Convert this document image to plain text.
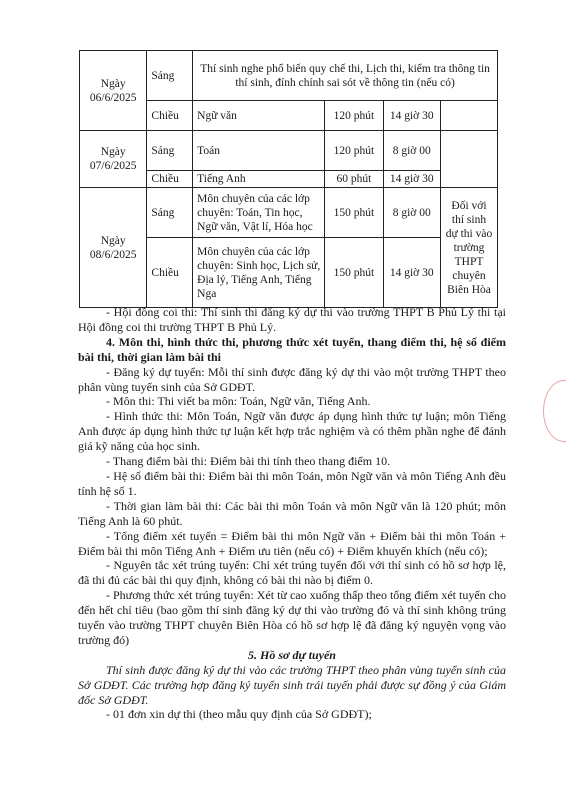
Ngày 06/6/2025	Sáng	Thí sinh nghe phổ biến quy chế thi, Lịch thi, kiểm tra thông tin thí sinh, đính chính sai sót về thông tin (nếu có)			
	Chiều	Ngữ văn	120 phút	14 giờ 30	
Ngày 07/6/2025	Sáng	Toán	120 phút	8 giờ 00	
	Chiều	Tiếng Anh	60 phút	14 giờ 30	
Ngày 08/6/2025	Sáng	Môn chuyên của các lớp chuyên: Toán, Tin học, Ngữ văn, Vật lí, Hóa học	150 phút	8 giờ 00	Đối với thí sinh dự thi vào trường THPT chuyên Biên Hòa
	Chiều	Môn chuyên của các lớp chuyên: Sinh học, Lịch sử, Địa lý, Tiếng Anh, Tiếng Nga	150 phút	14 giờ 30	

- Hội đồng coi thi: Thí sinh thi đăng ký dự thi vào trường THPT B Phủ Lý thi tại Hội đồng coi thi trường THPT B Phủ Lý.

4. Môn thi, hình thức thi, phương thức xét tuyển, thang điểm thi, hệ số điểm bài thi, thời gian làm bài thi

- Đăng ký dự tuyển: Mỗi thí sinh được đăng ký dự thi vào một trường THPT theo phân vùng tuyển sinh của Sở GDĐT.

- Môn thi: Thi viết ba môn: Toán, Ngữ văn, Tiếng Anh.

- Hình thức thi: Môn Toán, Ngữ văn được áp dụng hình thức tự luận; môn Tiếng Anh được áp dụng hình thức tự luận kết hợp trắc nghiệm và có thêm phần nghe để đánh giá kỹ năng của học sinh.

- Thang điểm bài thi: Điểm bài thi tính theo thang điểm 10.

- Hệ số điểm bài thi: Điểm bài thi môn Toán, môn Ngữ văn và môn Tiếng Anh đều tính hệ số 1.

- Thời gian làm bài thi: Các bài thi môn Toán và môn Ngữ văn là 120 phút; môn Tiếng Anh là 60 phút.

- Tổng điểm xét tuyển = Điểm bài thi môn Ngữ văn + Điểm bài thi môn Toán + Điểm bài thi môn Tiếng Anh + Điểm ưu tiên (nếu có) + Điểm khuyến khích (nếu có);

- Nguyên tắc xét trúng tuyển: Chỉ xét trúng tuyển đối với thí sinh có hồ sơ hợp lệ, đã thi đủ các bài thi quy định, không có bài thi nào bị điểm 0.

- Phương thức xét trúng tuyển: Xét từ cao xuống thấp theo tổng điểm xét tuyển cho đến hết chỉ tiêu (bao gồm thí sinh đăng ký dự thi vào trường đó và thí sinh không trúng tuyển vào trường THPT chuyên Biên Hòa có hồ sơ hợp lệ đã đăng ký nguyện vọng vào trường đó)

5. Hồ sơ dự tuyển

Thí sinh được đăng ký dự thi vào các trường THPT theo phân vùng tuyển sinh của Sở GDĐT. Các trường hợp đăng ký tuyển sinh trái tuyến phải được sự đồng ý của Giám đốc Sở GDĐT.

- 01 đơn xin dự thi (theo mẫu quy định của Sở GDĐT);
